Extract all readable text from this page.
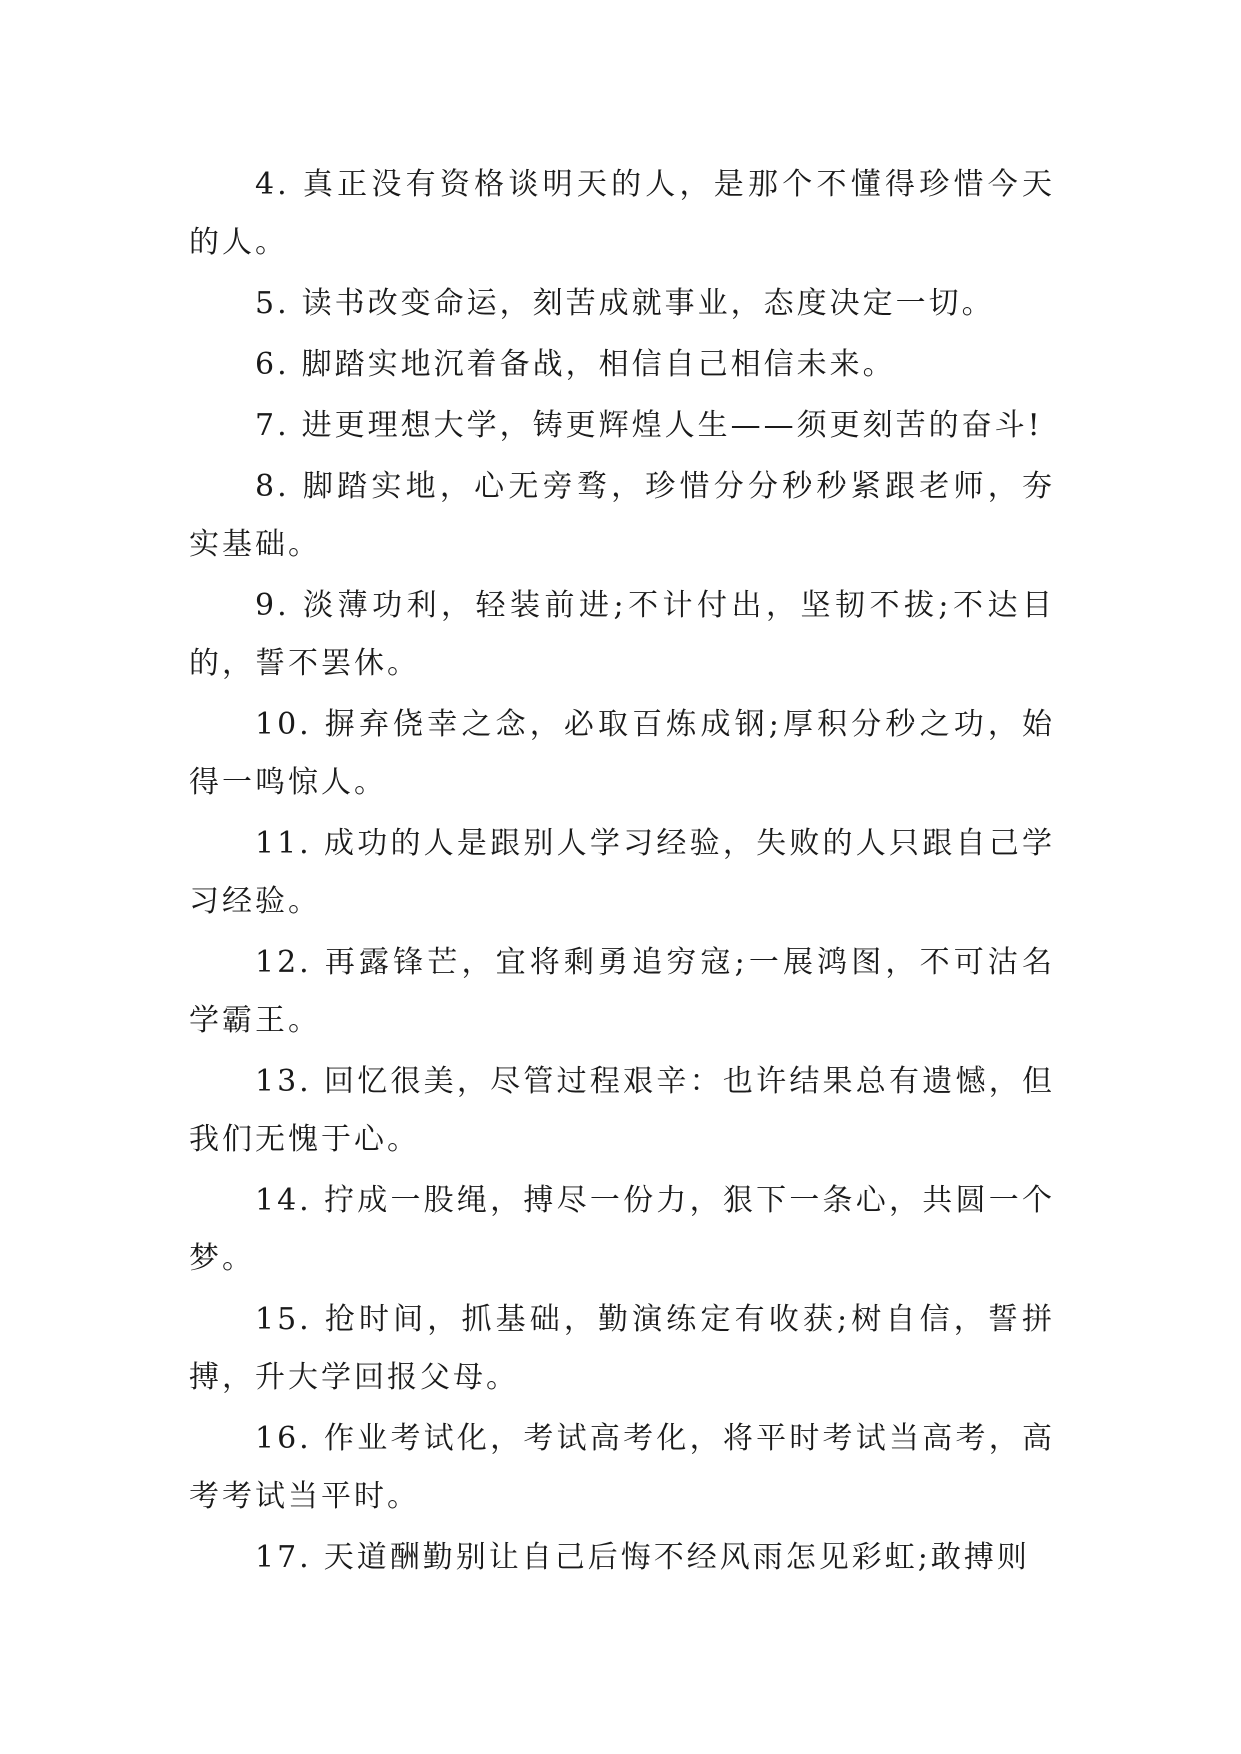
4. 真正没有资格谈明天的人，是那个不懂得珍惜今天的人。

5. 读书改变命运，刻苦成就事业，态度决定一切。

6. 脚踏实地沉着备战，相信自己相信未来。

7. 进更理想大学，铸更辉煌人生——须更刻苦的奋斗!

8. 脚踏实地，心无旁骛，珍惜分分秒秒紧跟老师，夯实基础。

9. 淡薄功利，轻装前进;不计付出，坚韧不拔;不达目的，誓不罢休。

10. 摒弃侥幸之念，必取百炼成钢;厚积分秒之功，始得一鸣惊人。

11. 成功的人是跟别人学习经验，失败的人只跟自己学习经验。

12. 再露锋芒，宜将剩勇追穷寇;一展鸿图，不可沽名学霸王。

13. 回忆很美，尽管过程艰辛：也许结果总有遗憾，但我们无愧于心。

14. 拧成一股绳，搏尽一份力，狠下一条心，共圆一个梦。

15. 抢时间，抓基础，勤演练定有收获;树自信，誓拼搏，升大学回报父母。

16. 作业考试化，考试高考化，将平时考试当高考，高考考试当平时。

17. 天道酬勤别让自己后悔不经风雨怎见彩虹;敢搏则
